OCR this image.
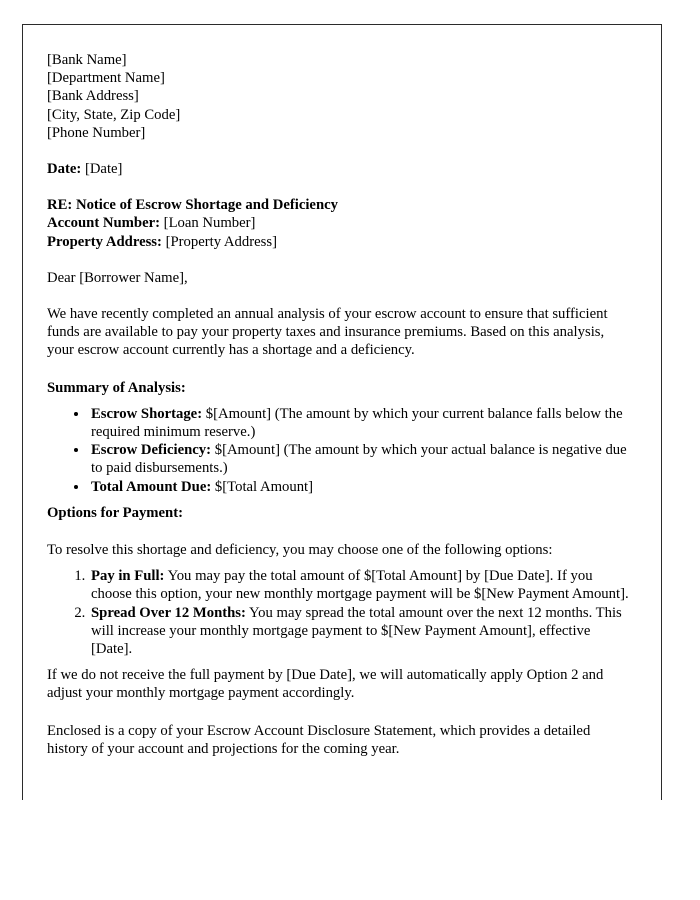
[Bank Name]
[Department Name]
[Bank Address]
[City, State, Zip Code]
[Phone Number]

Date: [Date]

RE: Notice of Escrow Shortage and Deficiency

Account Number: [Loan Number]

Property Address: [Property Address]

Dear [Borrower Name],

We have recently completed an annual analysis of your escrow account to ensure that sufficient funds are available to pay your property taxes and insurance premiums. Based on this analysis, your escrow account currently has a shortage and a deficiency.

Summary of Analysis:
• Escrow Shortage: $[Amount] (The amount by which your current balance falls below the required minimum reserve.)
• Escrow Deficiency: $[Amount] (The amount by which your actual balance is negative due to paid disbursements.)
• Total Amount Due: $[Total Amount]
Options for Payment:

To resolve this shortage and deficiency, you may choose one of the following options:

1. Pay in Full: You may pay the total amount of $[Total Amount] by [Due Date]. If you choose this option, your new monthly mortgage payment will be $[New Payment Amount].
2. Spread Over 12 Months: You may spread the total amount over the next 12 months. This will increase your monthly mortgage payment to $[New Payment Amount], effective [Date].

If we do not receive the full payment by [Due Date], we will automatically apply Option 2 and adjust your monthly mortgage payment accordingly.

Enclosed is a copy of your Escrow Account Disclosure Statement, which provides a detailed history of your account and projections for the coming year.
